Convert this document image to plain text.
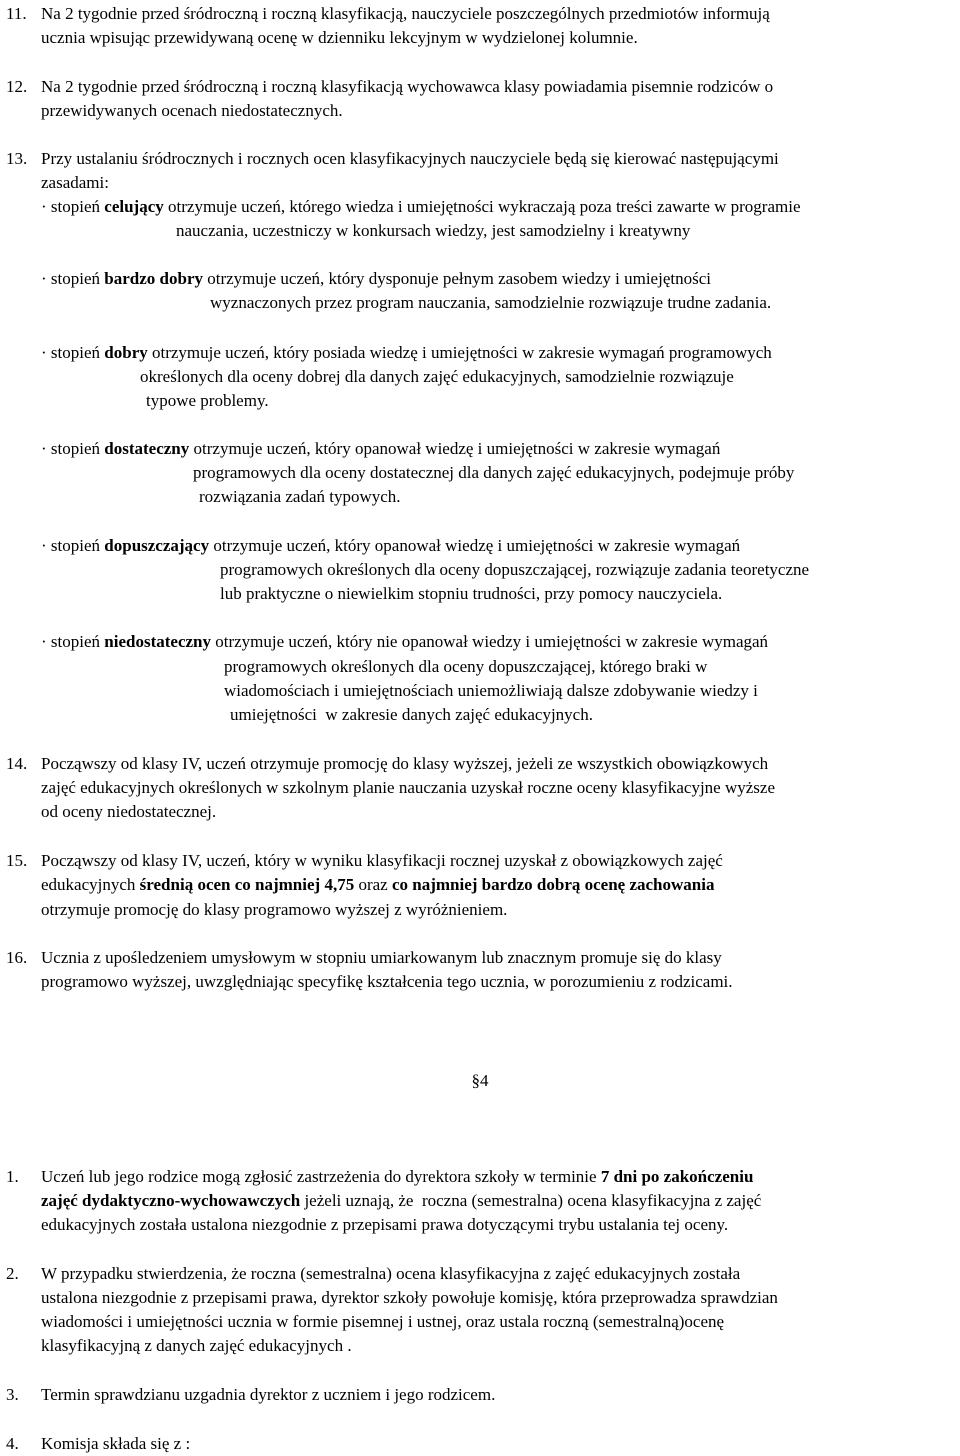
11. Na 2 tygodnie przed śródroczną i roczną klasyfikacją, nauczyciele poszczególnych przedmiotów informują
ucznia wpisując przewidywaną ocenę w dzienniku lekcyjnym w wydzielonej kolumnie.
12. Na 2 tygodnie przed śródroczną i roczną klasyfikacją wychowawca klasy powiadamia pisemnie rodziców o
przewidywanych ocenach niedostatecznych.
13. Przy ustalaniu śródrocznych i rocznych ocen klasyfikacyjnych nauczyciele będą się kierować następującymi
zasadami:
· stopień celujący otrzymuje uczeń, którego wiedza i umiejętności wykraczają poza treści zawarte w programie
nauczania, uczestniczy w konkursach wiedzy, jest samodzielny i kreatywny
· stopień bardzo dobry otrzymuje uczeń, który dysponuje pełnym zasobem wiedzy i umiejętności
wyznaczonych przez program nauczania, samodzielnie rozwiązuje trudne zadania.
· stopień dobry otrzymuje uczeń, który posiada wiedzę i umiejętności w zakresie wymagań programowych
określonych dla oceny dobrej dla danych zajęć edukacyjnych, samodzielnie rozwiązuje
typowe problemy.
· stopień dostateczny otrzymuje uczeń, który opanował wiedzę i umiejętności w zakresie wymagań
programowych dla oceny dostatecznej dla danych zajęć edukacyjnych, podejmuje próby
rozwiązania zadań typowych.
· stopień dopuszczający otrzymuje uczeń, który opanował wiedzę i umiejętności w zakresie wymagań
programowych określonych dla oceny dopuszczającej, rozwiązuje zadania teoretyczne
lub praktyczne o niewielkim stopniu trudności, przy pomocy nauczyciela.
· stopień niedostateczny otrzymuje uczeń, który nie opanował wiedzy i umiejętności w zakresie wymagań
programowych określonych dla oceny dopuszczającej, którego braki w
wiadomościach i umiejętnościach uniemożliwiają dalsze zdobywanie wiedzy i
umiejętności  w zakresie danych zajęć edukacyjnych.
14. Począwszy od klasy IV, uczeń otrzymuje promocję do klasy wyższej, jeżeli ze wszystkich obowiązkowych
zajęć edukacyjnych określonych w szkolnym planie nauczania uzyskał roczne oceny klasyfikacyjne wyższe
od oceny niedostatecznej.
15. Począwszy od klasy IV, uczeń, który w wyniku klasyfikacji rocznej uzyskał z obowiązkowych zajęć
edukacyjnych średnią ocen co najmniej 4,75 oraz co najmniej bardzo dobrą ocenę zachowania
otrzymuje promocję do klasy programowo wyższej z wyróżnieniem.
16. Ucznia z upośledzeniem umysłowym w stopniu umiarkowanym lub znacznym promuje się do klasy
programowo wyższej, uwzględniając specyfikę kształcenia tego ucznia, w porozumieniu z rodzicami.
§4
1. Uczeń lub jego rodzice mogą zgłosić zastrzeżenia do dyrektora szkoły w terminie 7 dni po zakończeniu
zajęć dydaktyczno-wychowawczych jeżeli uznają, że  roczna (semestralna) ocena klasyfikacyjna z zajęć
edukacyjnych została ustalona niezgodnie z przepisami prawa dotyczącymi trybu ustalania tej oceny.
2. W przypadku stwierdzenia, że roczna (semestralna) ocena klasyfikacyjna z zajęć edukacyjnych została
ustalona niezgodnie z przepisami prawa, dyrektor szkoły powołuje komisję, która przeprowadza sprawdzian
wiadomości i umiejętności ucznia w formie pisemnej i ustnej, oraz ustala roczną (semestralną)ocenę
klasyfikacyjną z danych zajęć edukacyjnych .
3. Termin sprawdzianu uzgadnia dyrektor z uczniem i jego rodzicem.
4. Komisja składa się z :
